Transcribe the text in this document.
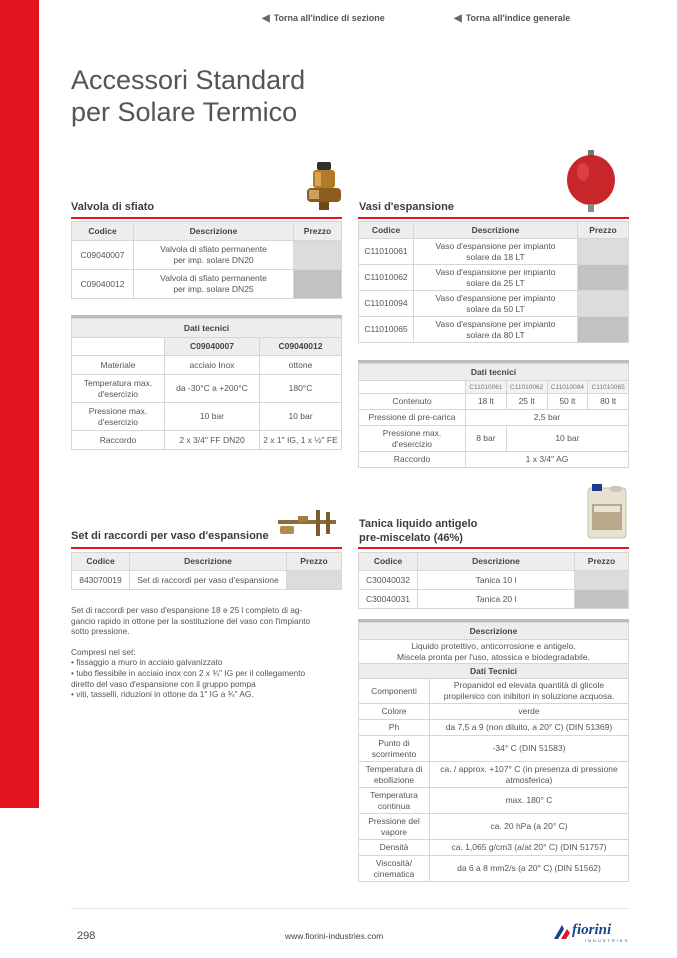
◀ Torna all'indice di sezione	◀ Torna all'indice generale
Accessori Standard
per Solare Termico
Valvola di sfiato
Codice	Descrizione	Prezzo
C09040007	Valvola di sfiato permanente
per imp. solare DN20	
C09040012	Valvola di sfiato permanente
per imp. solare DN25	
Dati tecnici		
	C09040007	C09040012
Materiale	acciaio Inox	ottone
Temperatura max.
d'esercizio	da -30°C a +200°C	180°C
Pressione max.
d'esercizio	10 bar	10 bar
Raccordo	2 x 3/4" FF DN20	2 x 1" IG, 1 x ½" FE
Vasi d'espansione
Codice	Descrizione	Prezzo
C11010061	Vaso d'espansione per impianto
solare da 18 LT	
C11010062	Vaso d'espansione per impianto
solare da 25 LT	
C11010094	Vaso d'espansione per impianto
solare da 50 LT	
C11010065	Vaso d'espansione per impianto
solare da 80 LT	
Dati tecnici				
	C11010061	C11010062	C11010094	C11010065
Contenuto	18 lt	25 lt	50 lt	80 lt
Pressione di pre-carica	2,5 bar			
Pressione max.
d'esercizio	8 bar	10 bar		
Raccordo	1 x 3/4" AG			
Set di raccordi per vaso d'espansione
Codice	Descrizione	Prezzo
843070019	Set di raccordi per vaso d'espansione	
Set di raccordi per vaso d'espansione 18 e 25 l completo di ag-
gancio rapido in ottone per la sostituzione del vaso con l'impianto
sotto pressione.
Compresi nel set:
• fissaggio a muro in acciaio galvanizzato
• tubo flessibile in acciaio inox con 2 x ¾" IG per il collegamento
diretto del vaso d'espansione con il gruppo pompa
• viti, tasselli, riduzioni in ottone da 1" IG a ¾" AG.
Tanica liquido antigelo
pre-miscelato (46%)
Codice	Descrizione	Prezzo
C30040032	Tanica 10 l	
C30040031	Tanica 20 l	
Descrizione	
Liquido protettivo, anticorrosione e antigelo.
Miscela pronta per l'uso, atossica e biodegradabile.	
Dati Tecnici	
Componenti	Propanidol ed elevata quantità di glicole
propilenico con inibitori in soluzione acquosa.
Colore	verde
Ph	da 7,5 a 9 (non diluito, a 20° C) (DIN 51369)
Punto di
scorrimento	-34° C (DIN 51583)
Temperatura di
ebollizione	ca. / approx. +107° C (in presenza di pressione
atmosferica)
Temperatura
continua	max. 180° C
Pressione del
vapore	ca. 20 hPa (a 20° C)
Densità	ca. 1,065 g/cm3 (a/at 20° C) (DIN 51757)
Viscosità/
cinematica	da 6 a 8 mm2/s (a 20° C) (DIN 51562)
298	www.fiorini-industries.com	fiorini
INDUSTRIES
